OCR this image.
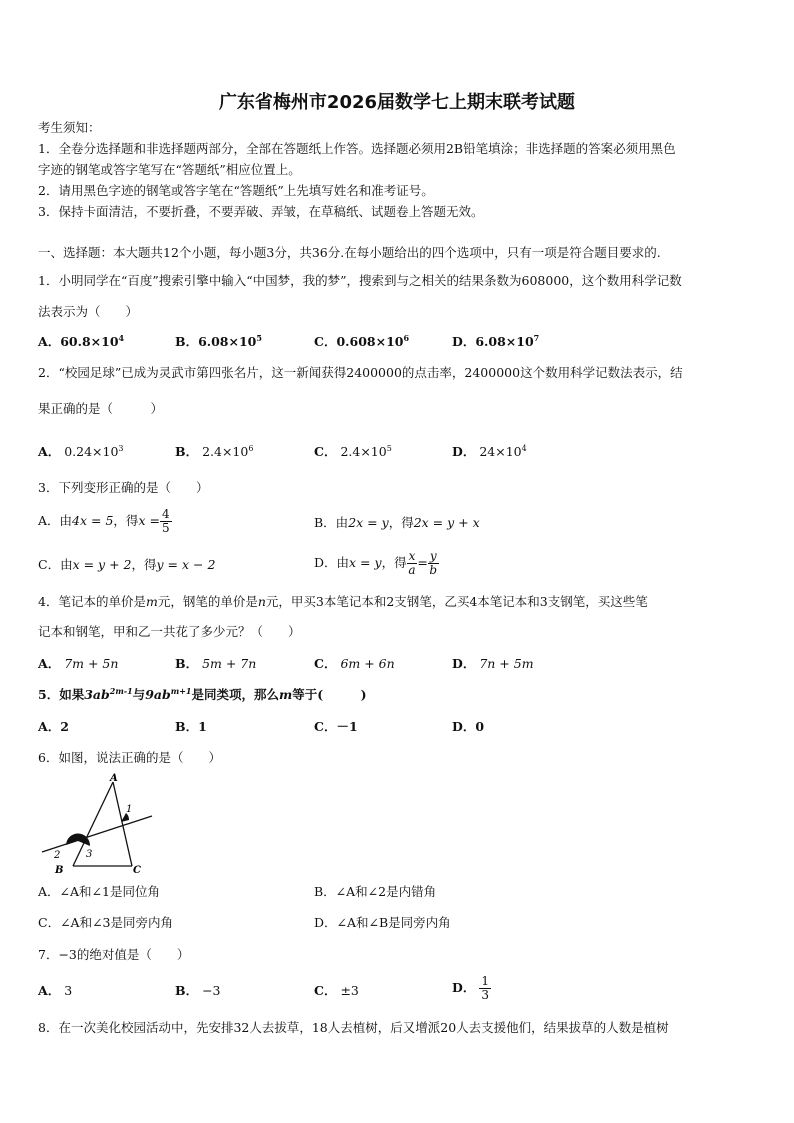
广东省梅州市2026届数学七上期末联考试题
考生须知：
1．全卷分选择题和非选择题两部分，全部在答题纸上作答。选择题必须用2B铅笔填涂；非选择题的答案必须用黑色
字迹的钢笔或答字笔写在“答题纸”相应位置上。
2．请用黑色字迹的钢笔或答字笔在“答题纸”上先填写姓名和准考证号。
3．保持卡面清洁，不要折叠，不要弄破、弄皱，在草稿纸、试题卷上答题无效。
一、选择题：本大题共12个小题，每小题3分，共36分.在每小题给出的四个选项中，只有一项是符合题目要求的.
1．小明同学在“百度”搜索引擎中输入“中国梦，我的梦”，搜索到与之相关的结果条数为608000，这个数用科学记数
法表示为（　　）
A．$60.8\times 10^4$	B．$6.08\times 10^5$	C．$0.608\times 10^6$	D．$6.08\times 10^7$
2．“校园足球”已成为灵武市第四张名片，这一新闻获得2400000的点击率，2400000这个数用科学记数法表示，结
果正确的是（　　　）
A． $0.24\times 10^3$	B． $2.4\times 10^6$	C． $2.4\times 10^5$	D． $24\times 10^4$
3．下列变形正确的是（　　）
A．由4x = 5，得$x = \frac{4}{5}$	B．由2x = y，得2x = y + x
C．由x = y + 2，得y = x − 2	D．由x = y，得 $\frac{x}{a} = \frac{y}{b}$
4．笔记本的单价是m元，钢笔的单价是n元，甲买3本笔记本和2支钢笔，乙买4本笔记本和3支钢笔，买这些笔
记本和钢笔，甲和乙一共花了多少元？（　　）
A． 7m + 5n	B． 5m + 7n	C． 6m + 6n	D． 7n + 5m
5．如果$3ab^{2m-1}$与$9ab^{m+1}$是同类项，那么m等于(　　　)
A．2	B．1	C．－1	D．0
6．如图，说法正确的是（　　）
1
2	3
A
B	C
A．∠A和∠1是同位角	B．∠A和∠2是内错角
C．∠A和∠3是同旁内角	D．∠A和∠B是同旁内角
7．−3的绝对值是（　　）
A． 3	B． −3	C． ±3	D． $\frac{1}{3}$
8．在一次美化校园活动中，先安排32人去拔草，18人去植树，后又增派20人去支援他们，结果拔草的人数是植树
